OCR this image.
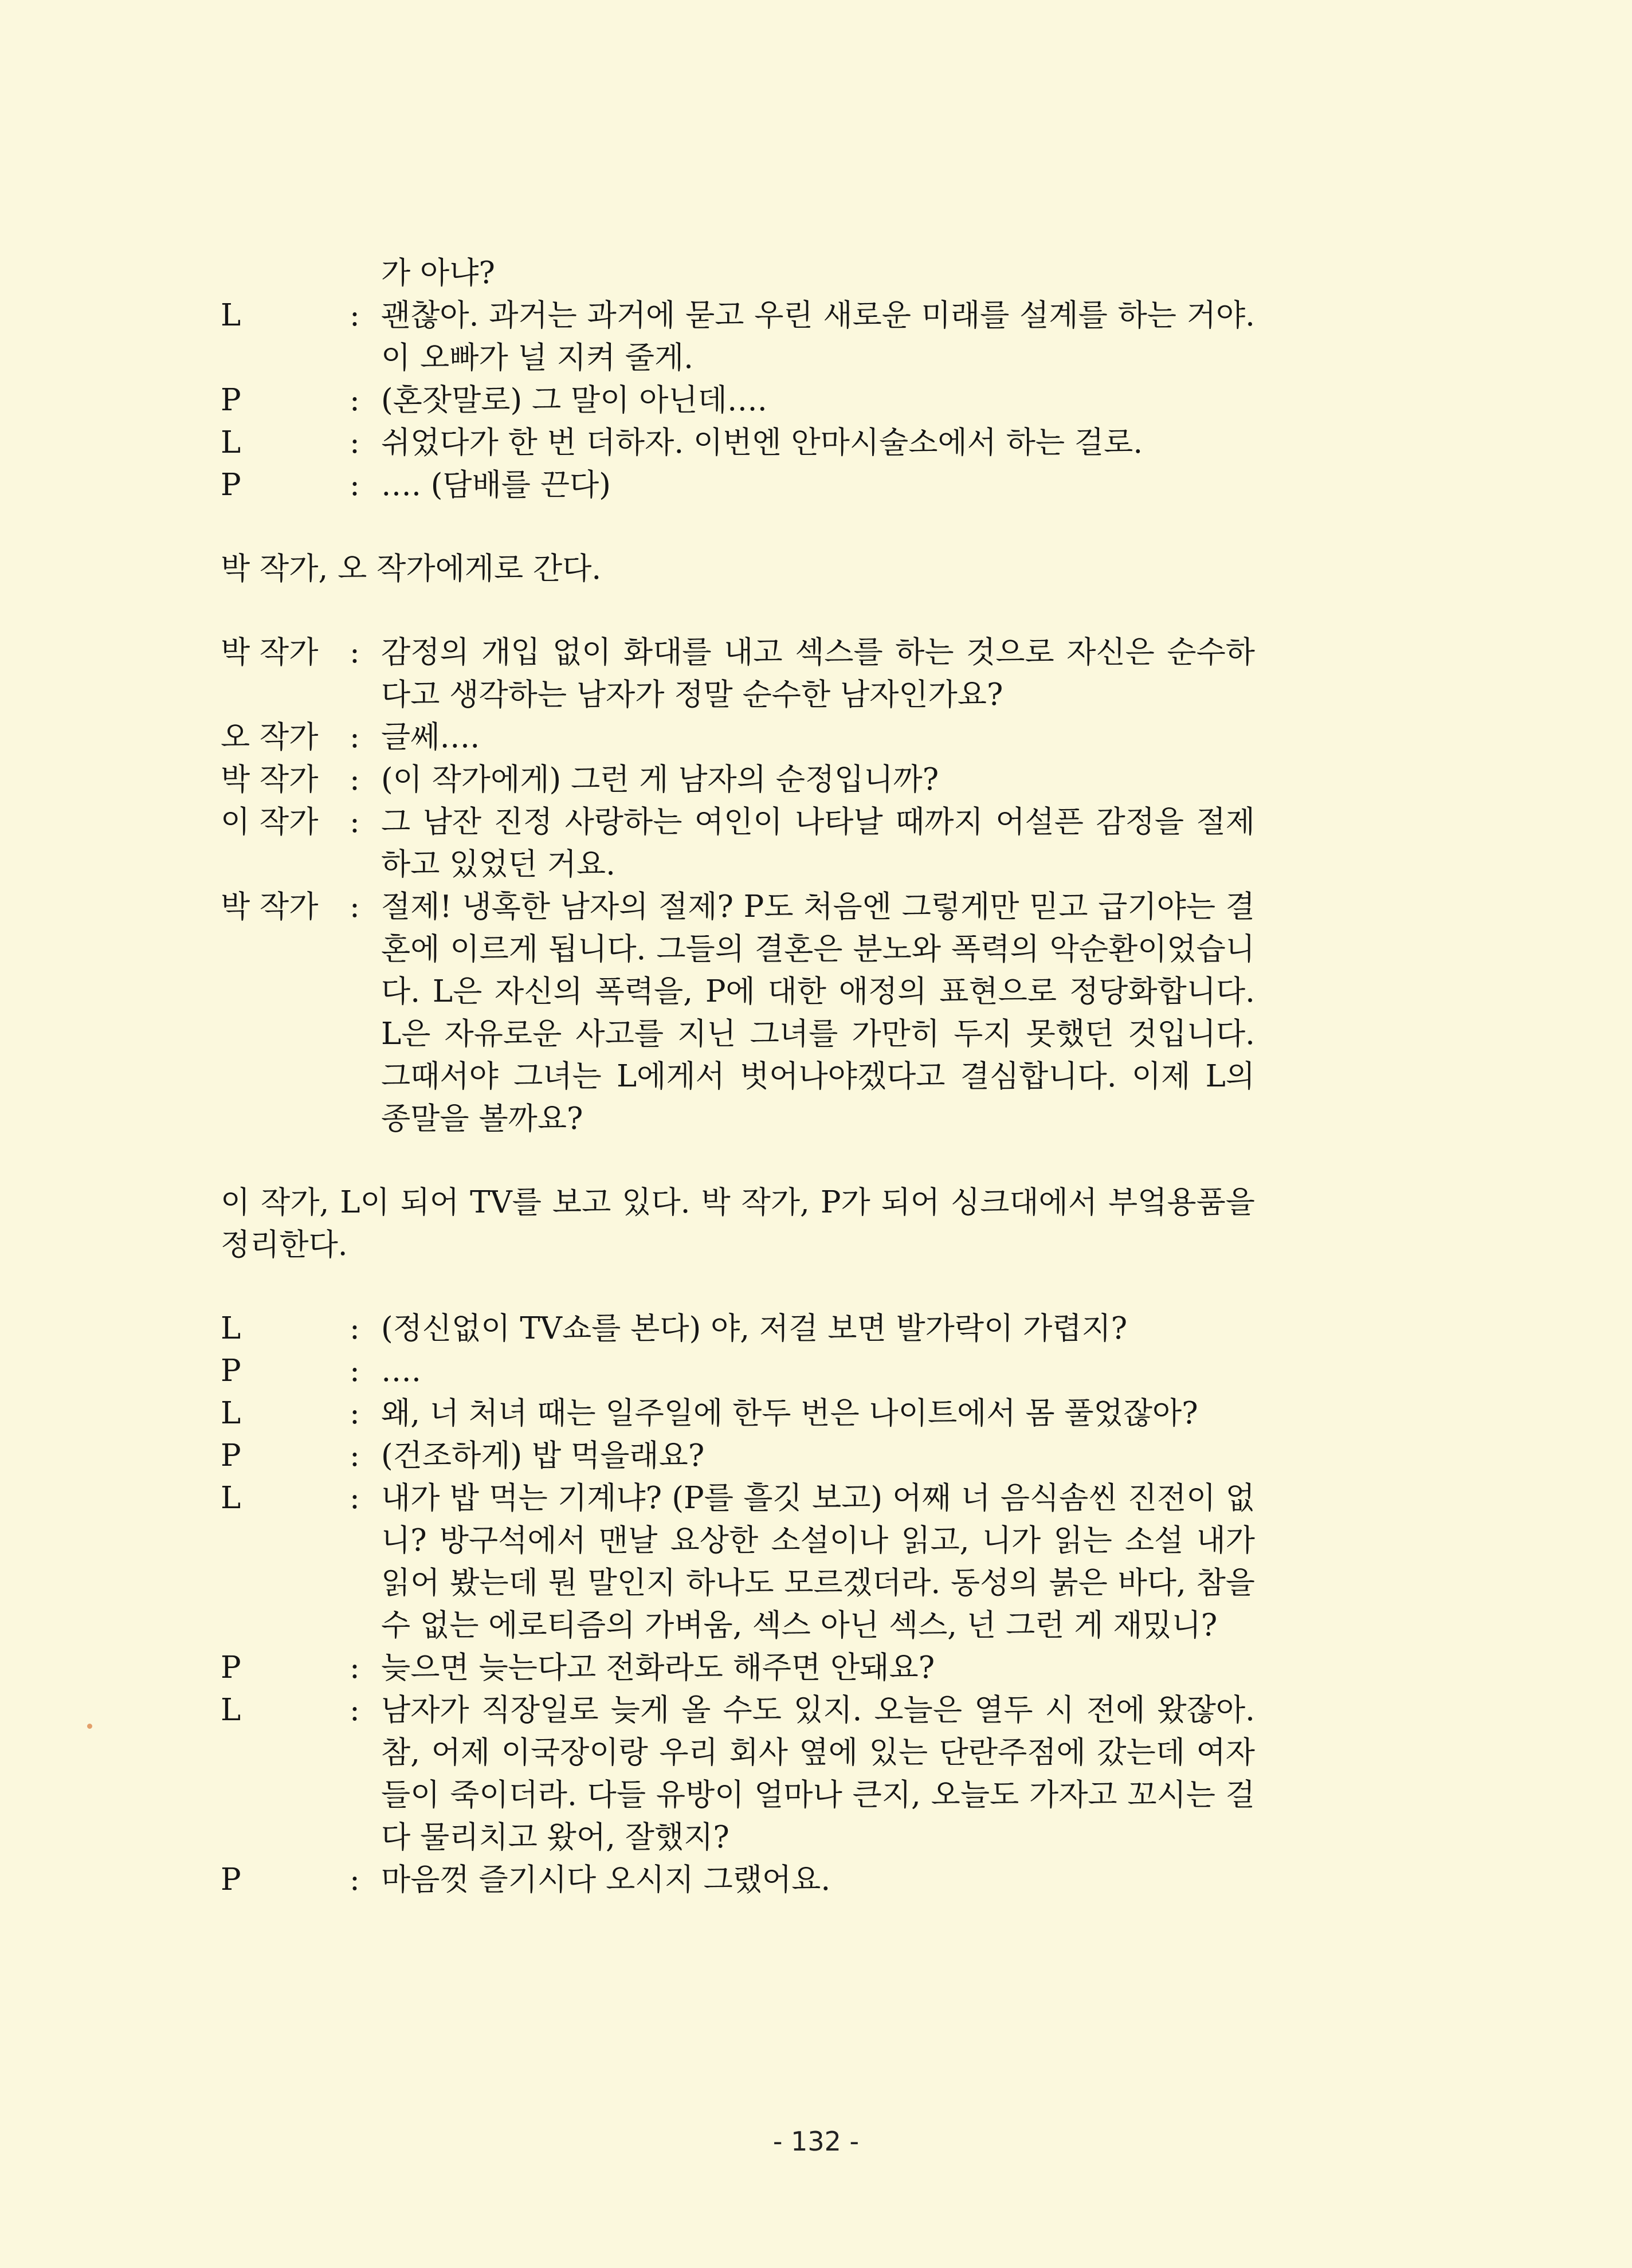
가 아냐?
L	: 괜찮아. 과거는 과거에 묻고 우린 새로운 미래를 설계를 하는 거야. 이 오빠가 널 지켜 줄게.
P	: (혼잣말로) 그 말이 아닌데….
L	: 쉬었다가 한 번 더하자. 이번엔 안마시술소에서 하는 걸로.
P	: …. (담배를 끈다)

박 작가, 오 작가에게로 간다.

박 작가	: 감정의 개입 없이 화대를 내고 섹스를 하는 것으로 자신은 순수하다고 생각하는 남자가 정말 순수한 남자인가요?
오 작가	: 글쎄….
박 작가	: (이 작가에게) 그런 게 남자의 순정입니까?
이 작가	: 그 남잔 진정 사랑하는 여인이 나타날 때까지 어설픈 감정을 절제하고 있었던 거요.
박 작가	: 절제! 냉혹한 남자의 절제? P도 처음엔 그렇게만 믿고 급기야는 결혼에 이르게 됩니다. 그들의 결혼은 분노와 폭력의 악순환이었습니다. L은 자신의 폭력을, P에 대한 애정의 표현으로 정당화합니다. L은 자유로운 사고를 지닌 그녀를 가만히 두지 못했던 것입니다. 그때서야 그녀는 L에게서 벗어나야겠다고 결심합니다. 이제 L의 종말을 볼까요?

이 작가, L이 되어 TV를 보고 있다. 박 작가, P가 되어 싱크대에서 부엌용품을 정리한다.

L	: (정신없이 TV쇼를 본다) 야, 저걸 보면 발가락이 가렵지?
P	: ….
L	: 왜, 너 처녀 때는 일주일에 한두 번은 나이트에서 몸 풀었잖아?
P	: (건조하게) 밥 먹을래요?
L	: 내가 밥 먹는 기계냐? (P를 흘깃 보고) 어째 너 음식솜씬 진전이 없니? 방구석에서 맨날 요상한 소설이나 읽고, 니가 읽는 소설 내가 읽어 봤는데 뭔 말인지 하나도 모르겠더라. 동성의 붉은 바다, 참을 수 없는 에로티즘의 가벼움, 섹스 아닌 섹스, 넌 그런 게 재밌니?
P	: 늦으면 늦는다고 전화라도 해주면 안돼요?
L	: 남자가 직장일로 늦게 올 수도 있지. 오늘은 열두 시 전에 왔잖아. 참, 어제 이국장이랑 우리 회사 옆에 있는 단란주점에 갔는데 여자들이 죽이더라. 다들 유방이 얼마나 큰지, 오늘도 가자고 꼬시는 걸 다 물리치고 왔어, 잘했지?
P	: 마음껏 즐기시다 오시지 그랬어요.
- 132 -
